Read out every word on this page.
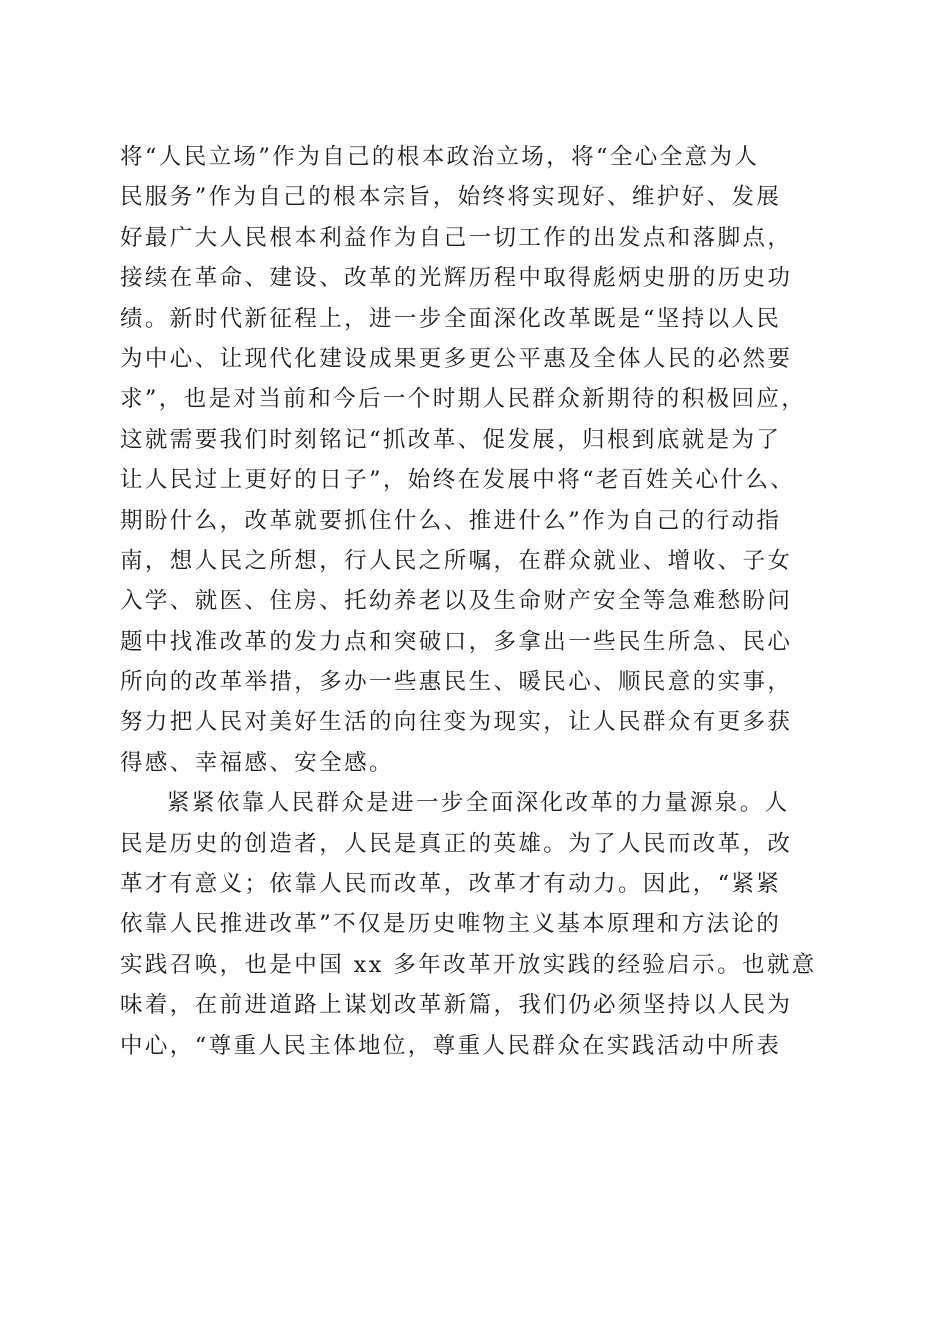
将“人民立场”作为自己的根本政治立场，将“全心全意为人
民服务”作为自己的根本宗旨，始终将实现好、维护好、发展
好最广大人民根本利益作为自己一切工作的出发点和落脚点，
接续在革命、建设、改革的光辉历程中取得彪炳史册的历史功
绩。新时代新征程上，进一步全面深化改革既是“坚持以人民
为中心、让现代化建设成果更多更公平惠及全体人民的必然要
求”，也是对当前和今后一个时期人民群众新期待的积极回应，
这就需要我们时刻铭记“抓改革、促发展，归根到底就是为了
让人民过上更好的日子”，始终在发展中将“老百姓关心什么、
期盼什么，改革就要抓住什么、推进什么”作为自己的行动指
南，想人民之所想，行人民之所嘱，在群众就业、增收、子女
入学、就医、住房、托幼养老以及生命财产安全等急难愁盼问
题中找准改革的发力点和突破口，多拿出一些民生所急、民心
所向的改革举措，多办一些惠民生、暖民心、顺民意的实事，
努力把人民对美好生活的向往变为现实，让人民群众有更多获
得感、幸福感、安全感。
紧紧依靠人民群众是进一步全面深化改革的力量源泉。人
民是历史的创造者，人民是真正的英雄。为了人民而改革，改
革才有意义；依靠人民而改革，改革才有动力。因此，“紧紧
依靠人民推进改革”不仅是历史唯物主义基本原理和方法论的
实践召唤，也是中国 xx 多年改革开放实践的经验启示。也就意
味着，在前进道路上谋划改革新篇，我们仍必须坚持以人民为
中心，“尊重人民主体地位，尊重人民群众在实践活动中所表
